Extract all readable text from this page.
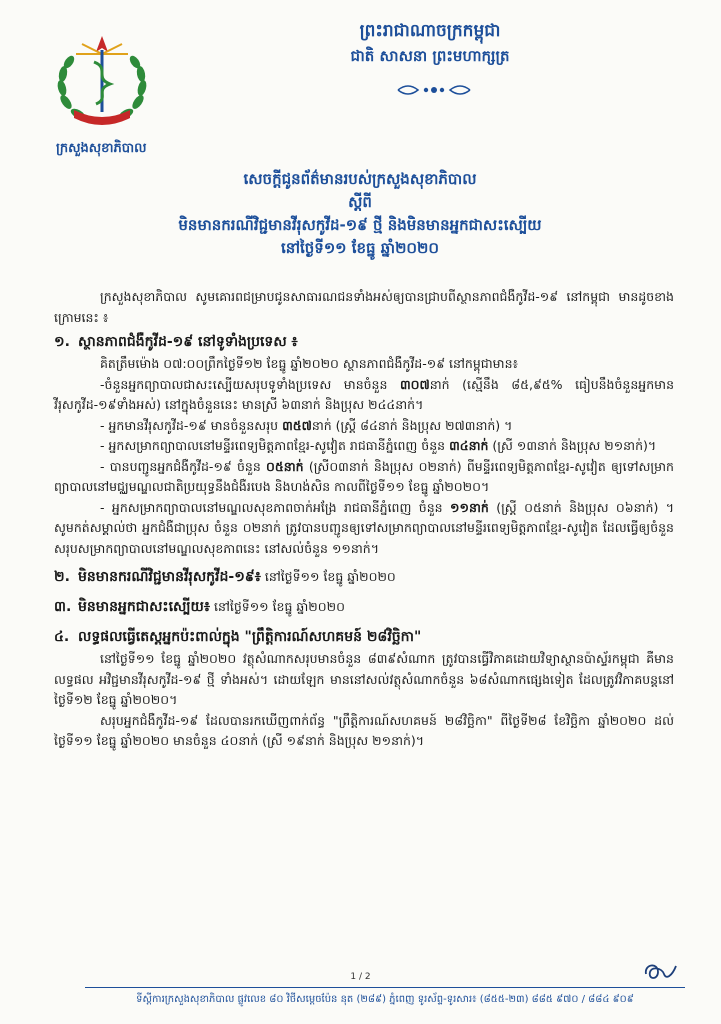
ក្រសួងសុខាភិបាល
ព្រះរាជាណាចក្រកម្ពុជា
ជាតិ សាសនា ព្រះមហាក្សត្រ
សេចក្តីជូនព័ត៌មានរបស់ក្រសួងសុខាភិបាល
ស្តីពី
មិនមានករណីវិជ្ជមានវីរុសកូវីដ-១៩ ថ្មី និងមិនមានអ្នកជាសះស្បើយ
នៅថ្ងៃទី១១ ខែធ្នូ ឆ្នាំ២០២០

ក្រសួងសុខាភិបាល សូមគោរពជម្រាបជូនសាធារណជនទាំងអស់ឲ្យបានជ្រាបពីស្ថានភាពជំងឺកូវីដ-១៩ នៅកម្ពុជា មានដូចខាងក្រោមនេះ ៖

១. ស្ថានភាពជំងឺកូវីដ-១៩ នៅទូទាំងប្រទេស ៖

គិតត្រឹមម៉ោង ០៧:០០ព្រឹកថ្ងៃទី១២ ខែធ្នូ ឆ្នាំ២០២០ ស្ថានភាពជំងឺកូវីដ-១៩ នៅកម្ពុជាមាន៖

-ចំនួនអ្នកព្យាបាលជាសះស្បើយសរុបទូទាំងប្រទេស មានចំនួន ៣០៧នាក់ (ស្មើនឹង ៨៥,៩៥% ធៀបនឹងចំនួនអ្នកមានវីរុសកូវីដ-១៩ទាំងអស់) នៅក្នុងចំនួននេះ មានស្រី ៦៣នាក់ និងប្រុស ២៤៤នាក់។

- អ្នកមានវីរុសកូវីដ-១៩ មានចំនួនសរុប ៣៥៧នាក់ (ស្ត្រី ៨៤នាក់ និងប្រុស ២៧៣នាក់) ។

- អ្នកសម្រាកព្យាបាលនៅមន្ទីរពេទ្យមិត្តភាពខ្មែរ-សូវៀត រាជធានីភ្នំពេញ ចំនួន ៣៤នាក់ (ស្រី ១៣នាក់ និងប្រុស ២១នាក់)។

- បានបញ្ជូនអ្នកជំងឺកូវីដ-១៩ ចំនួន ០៥នាក់ (ស្រី០៣នាក់ និងប្រុស ០២នាក់) ពីមន្ទីរពេទ្យមិត្តភាពខ្មែរ-សូវៀត ឲ្យទៅសម្រាកព្យាបាលនៅមជ្ឈមណ្ឌលជាតិប្រយុទ្ធនឹងជំងឺរបេង និងហង់សិន កាលពីថ្ងៃទី១១ ខែធ្នូ ឆ្នាំ២០២០។

- អ្នកសម្រាកព្យាបាលនៅមណ្ឌលសុខភាពចាក់អង្រែ រាជធានីភ្នំពេញ ចំនួន ១១នាក់ (ស្ត្រី ០៥នាក់ និងប្រុស ០៦នាក់) ។ សូមកត់សម្គាល់ថា អ្នកជំងឺជាប្រុស ចំនួន ០២នាក់ ត្រូវបានបញ្ជូនឲ្យទៅសម្រាកព្យាបាលនៅមន្ទីរពេទ្យមិត្តភាពខ្មែរ-សូវៀត ដែលធ្វើឲ្យចំនួនសរុបសម្រាកព្យាបាលនៅមណ្ឌលសុខភាពនេះ នៅសល់ចំនួន ១១នាក់។

២. មិនមានករណីវិជ្ជមានវីរុសកូវីដ-១៩៖ នៅថ្ងៃទី១១ ខែធ្នូ ឆ្នាំ២០២០

៣. មិនមានអ្នកជាសះស្បើយ៖ នៅថ្ងៃទី១១ ខែធ្នូ ឆ្នាំ២០២០

៤. លទ្ធផលធ្វើតេស្តអ្នកប៉ះពាល់ក្នុង "ព្រឹត្តិការណ៍សហគមន៍ ២៨វិច្ឆិកា"

នៅថ្ងៃទី១១ ខែធ្នូ ឆ្នាំ២០២០ វត្ថុសំណាកសរុបមានចំនួន ៨៣៩សំណាក ត្រូវបានធ្វើវិភាគដោយវិទ្យាស្ថានប៉ាស្ទ័រកម្ពុជា គឺមានលទ្ធផល អវិជ្ជមានវីរុសកូវីដ-១៩ ថ្មី ទាំងអស់។ ដោយឡែក មាននៅសល់វត្ថុសំណាកចំនួន ៦៨សំណាកផ្សេងទៀត ដែលត្រូវវិភាគបន្តនៅថ្ងៃទី១២ ខែធ្នូ ឆ្នាំ២០២០។

សរុបអ្នកជំងឺកូវីដ-១៩ ដែលបានរកឃើញពាក់ព័ន្ធ "ព្រឹត្តិការណ៍សហគមន៍ ២៨វិច្ឆិកា" ពីថ្ងៃទី២៨ ខែវិច្ឆិកា ឆ្នាំ២០២០ ដល់ថ្ងៃទី១១ ខែធ្នូ ឆ្នាំ២០២០ មានចំនួន ៤០នាក់ (ស្រី ១៩នាក់ និងប្រុស ២១នាក់)។

1 / 2
ទីស្តីការក្រសួងសុខាភិបាល ផ្លូវលេខ ៨០ វិថីសម្តេចប៉ែន នុត (២៨៩) ភ្នំពេញ ទូរស័ព្ទ-ទូរសារ៖ (៨៥៥-២៣) ៨៨៥ ៩៧០ / ៨៨៤ ៩០៩
